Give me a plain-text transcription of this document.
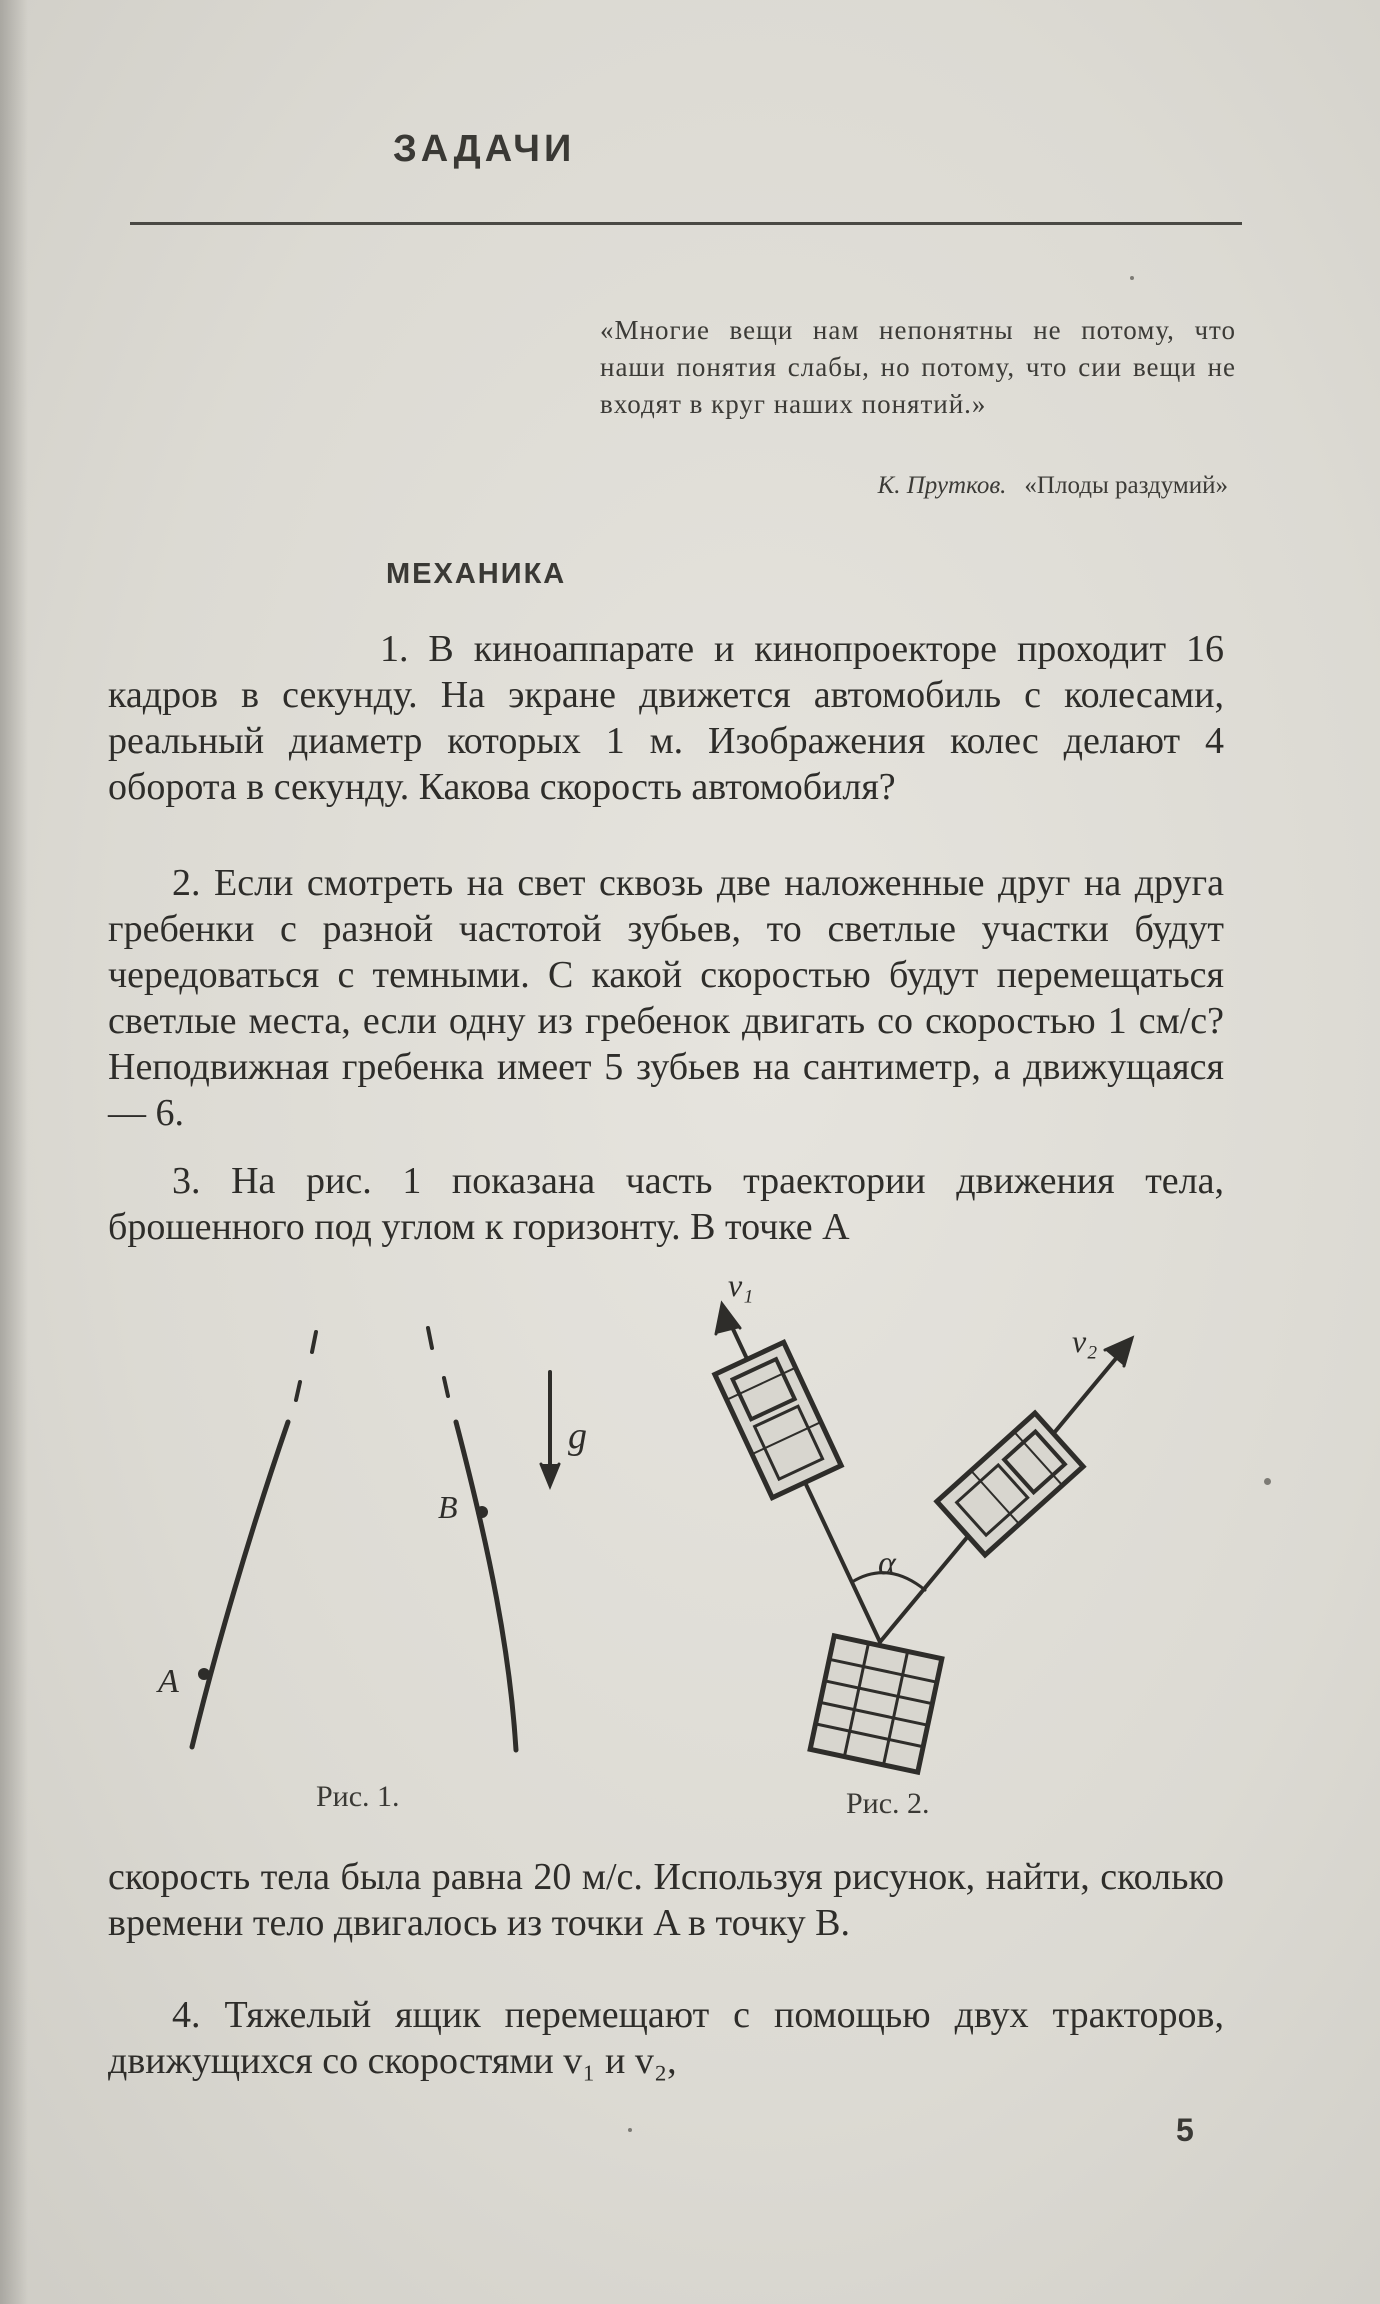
ЗАДАЧИ
«Многие вещи нам непонятны не потому, что наши понятия слабы, но потому, что сии вещи не входят в круг наших понятий.»
К. Прутков. «Плоды раздумий»
МЕХАНИКА

1. В киноаппарате и кинопроекторе проходит 16 кадров в секунду. На экране движется автомобиль с колесами, реальный диаметр которых 1 м. Изображения колес делают 4 оборота в секунду. Какова скорость автомобиля?

2. Если смотреть на свет сквозь две наложенные друг на друга гребенки с разной частотой зубьев, то светлые участки будут чередоваться с темными. С какой скоростью будут перемещаться светлые места, если одну из гребенок двигать со скоростью 1 см/с? Неподвижная гребенка имеет 5 зубьев на сантиметр, а движущаяся — 6.

3. На рис. 1 показана часть траектории движения тела, брошенного под углом к горизонту. В точке A

A
B
g
v₁
v₂
α
Рис. 1.	Рис. 2.

скорость тела была равна 20 м/с. Используя рисунок, найти, сколько времени тело двигалось из точки A в точку B.

4. Тяжелый ящик перемещают с помощью двух тракторов, движущихся со скоростями v₁ и v₂,

5
